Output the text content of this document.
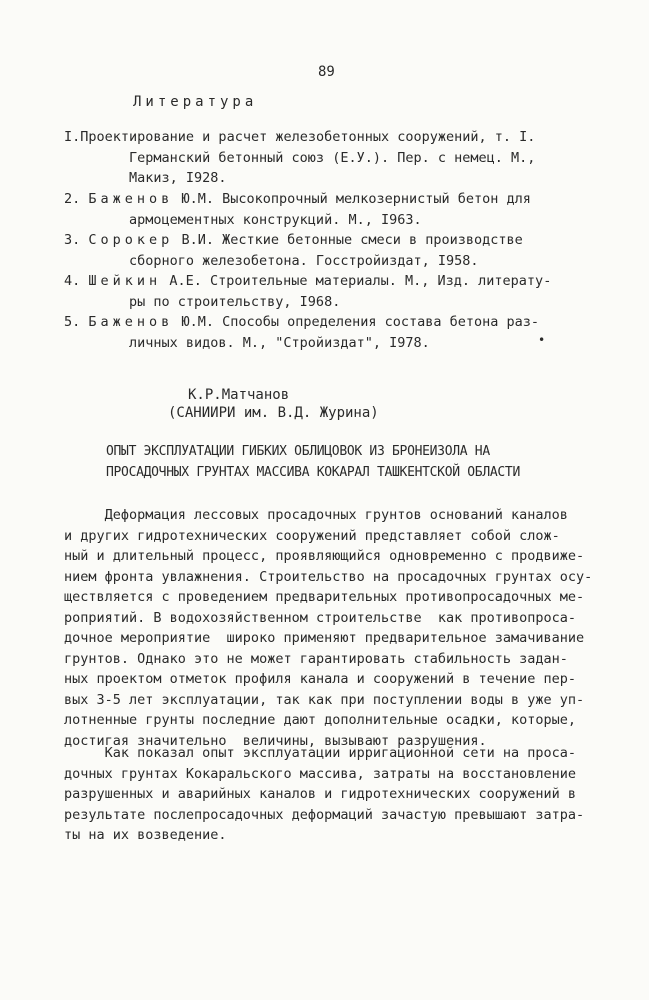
89
Литература
I.Проектирование и расчет железобетонных сооружений, т. I.
Германский бетонный союз (Е.У.). Пер. с немец. М.,
Макиз, I928.
2. Баженов Ю.М. Высокопрочный мелкозернистый бетон для
армоцементных конструкций. М., I963.
3. Сорокер В.И. Жесткие бетонные смеси в производстве
сборного железобетона. Госстройиздат, I958.
4. Шейкин А.Е. Строительные материалы. М., Изд. литерату-
ры по строительству, I968.
5. Баженов Ю.М. Способы определения состава бетона раз-
личных видов. М., "Стройиздат", I978.	•
К.Р.Матчанов
(САНИИРИ им. В.Д. Журина)
ОПЫТ ЭКСПЛУАТАЦИИ ГИБКИХ ОБЛИЦОВОК ИЗ БРОНЕИЗОЛА НА
ПРОСАДОЧНЫХ ГРУНТАХ МАССИВА КОКАРАЛ ТАШКЕНТСКОЙ ОБЛАСТИ
Деформация лессовых просадочных грунтов оснований каналов
и других гидротехнических сооружений представляет собой слож-
ный и длительный процесс, проявляющийся одновременно с продвиже-
нием фронта увлажнения. Строительство на просадочных грунтах осу-
ществляется с проведением предварительных противопросадочных ме-
роприятий. В водохозяйственном строительстве  как противопроса-
дочное мероприятие  широко применяют предварительное замачивание
грунтов. Однако это не может гарантировать стабильность задан-
ных проектом отметок профиля канала и сооружений в течение пер-
вых 3-5 лет эксплуатации, так как при поступлении воды в уже уп-
лотненные грунты последние дают дополнительные осадки, которые,
достигая значительно  величины, вызывают разрушения.
Как показал опыт эксплуатации ирригационной сети на проса-
дочных грунтах Кокаральского массива, затраты на восстановление
разрушенных и аварийных каналов и гидротехнических сооружений в
результате послепросадочных деформаций зачастую превышают затра-
ты на их возведение.
